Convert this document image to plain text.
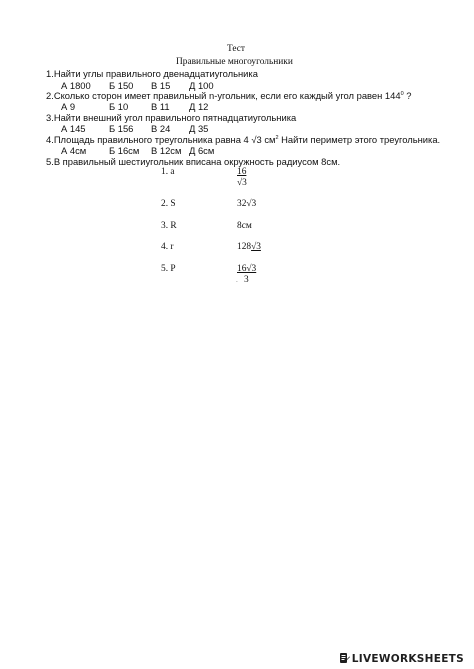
Тест
Правильные многоугольники
1.Найти углы правильного двенадцатиугольника
А 1800 Б 150 В 15 Д 100
2.Сколько сторон имеет правильный n-угольник, если его каждый угол равен $144^0$ ?
А 9	Б 10 В 11 Д 12
3.Найти внешний угол правильного пятнадцатиугольника
А 145	Б 156 В 24 Д 35
4.Площадь правильного треугольника равна 4 √3 $см^2$ Найти периметр этого треугольника.
А 4см Б 16см В 12см Д 6см
5.В правильный шестиугольник вписана окружность радиусом 8см.
1. a
2. S
3. R
4. r
5. P
16
√3
32√3
8см
128√3
16√3
- 3
LIVEWORKSHEETS
